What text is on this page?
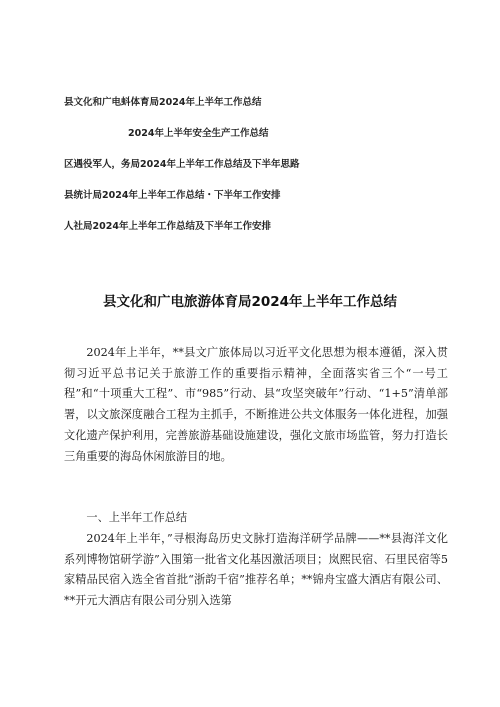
县文化和广电蚪体育局2024年上半年工作总结
2024年上半年安全生产工作总结
区遇役军人，务局2024年上半年工作总结及下半年思路
县统计局2024年上半年工作总结・下半年工作安排
人社局2024年上半年工作总结及下半年工作安排
县文化和广电旅游体育局2024年上半年工作总结

2024年上半年，**县文广旅体局以习近平文化思想为根本遵循，深入贯彻习近平总书记关于旅游工作的重要指示精神，全面落实省三个“一号工程”和“十项重大工程”、市“985”行动、县“攻坚突破年”行动、“1+5”清单部署，以文旅深度融合工程为主抓手，不断推进公共文体服务一体化进程，加强文化遗产保护利用，完善旅游基础设施建设，强化文旅市场监管，努力打造长三角重要的海岛休闲旅游目的地。

一、上半年工作总结

2024年上半年，”寻根海岛历史文脉打造海洋研学品牌——**县海洋文化系列博物馆研学游”入围第一批省文化基因激活项目；岚熙民宿、石里民宿等5家精品民宿入选全省首批“浙韵千宿”推荐名单；**锦舟宝盛大酒店有限公司、**开元大酒店有限公司分别入选第
